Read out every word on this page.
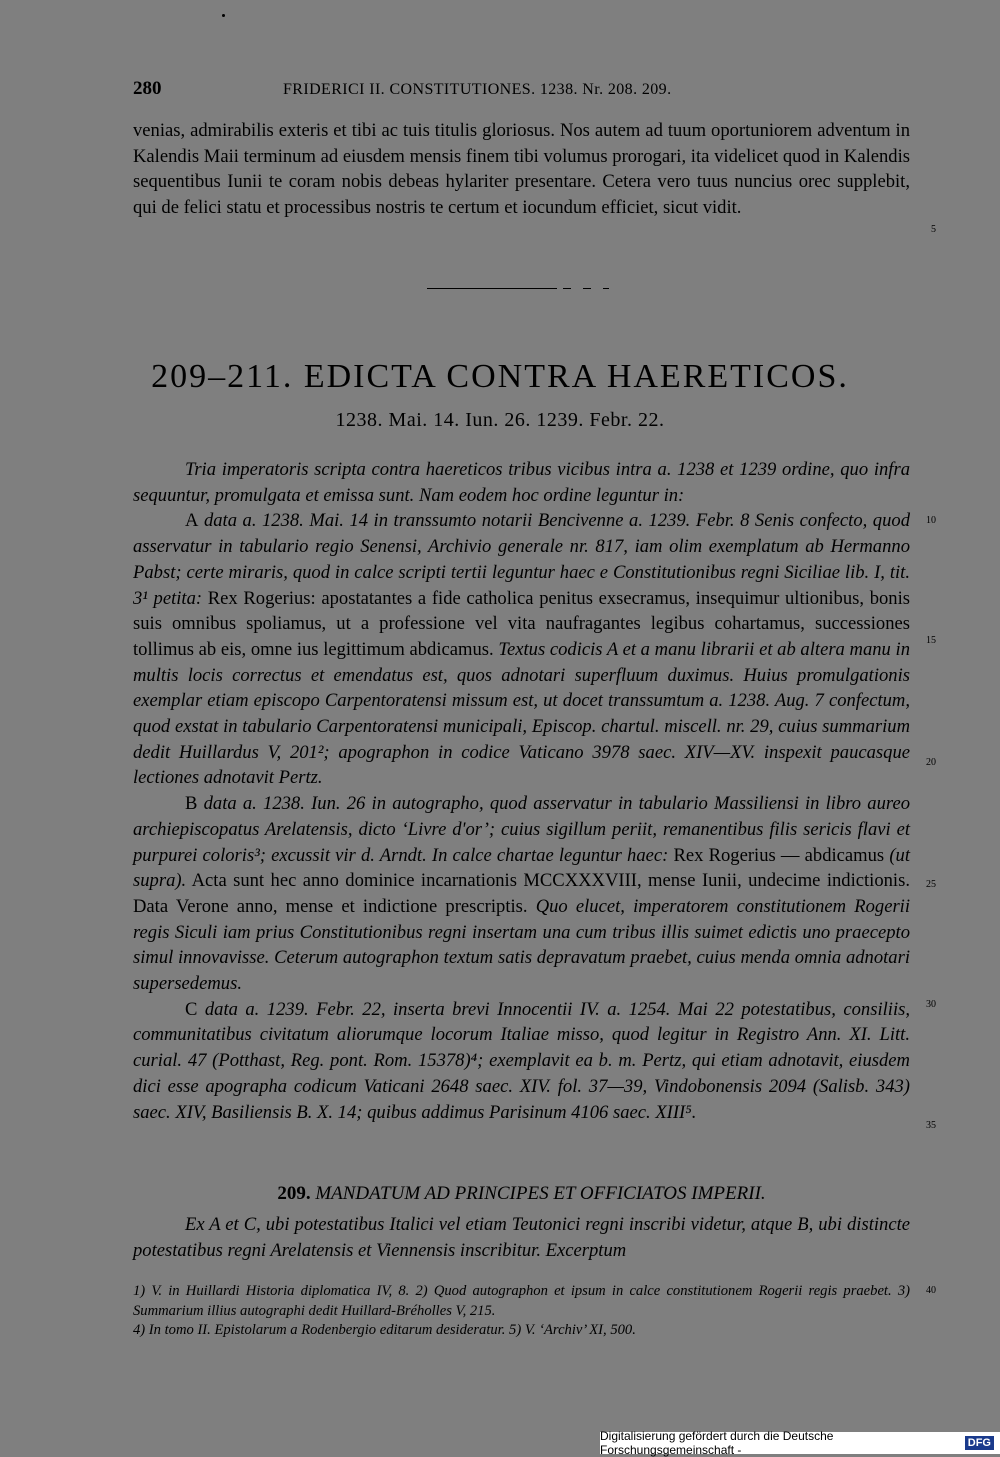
280	FRIDERICI II. CONSTITUTIONES. 1238. Nr. 208. 209.

venias, admirabilis exteris et tibi ac tuis titulis gloriosus. Nos autem ad tuum oportuniorem adventum in Kalendis Maii terminum ad eiusdem mensis finem tibi volumus prorogari, ita videlicet quod in Kalendis sequentibus Iunii te coram nobis debeas hylariter presentare. Cetera vero tuus nuncius orec supplebit, qui de felici statu et processibus nostris te certum et iocundum efficiet, sicut vidit.

209–211. EDICTA CONTRA HAERETICOS.
1238. Mai. 14. Iun. 26. 1239. Febr. 22.

Tria imperatoris scripta contra haereticos tribus vicibus intra a. 1238 et 1239 ordine, quo infra sequuntur, promulgata et emissa sunt. Nam eodem hoc ordine leguntur in:

A data a. 1238. Mai. 14 in transsumto notarii Bencivenne a. 1239. Febr. 8 Senis confecto, quod asservatur in tabulario regio Senensi, Archivio generale nr. 817, iam olim exemplatum ab Hermanno Pabst; certe miraris, quod in calce scripti tertii leguntur haec e Constitutionibus regni Siciliae lib. I, tit. 3¹ petita: Rex Rogerius: apostatantes a fide catholica penitus exsecramus, insequimur ultionibus, bonis suis omnibus spoliamus, ut a professione vel vita naufragantes legibus cohartamus, successiones tollimus ab eis, omne ius legittimum abdicamus. Textus codicis A et a manu librarii et ab altera manu in multis locis correctus et emendatus est, quos adnotari superfluum duximus. Huius promulgationis exemplar etiam episcopo Carpentoratensi missum est, ut docet transsumtum a. 1238. Aug. 7 confectum, quod exstat in tabulario Carpentoratensi municipali, Episcop. chartul. miscell. nr. 29, cuius summarium dedit Huillardus V, 201²; apographon in codice Vaticano 3978 saec. XIV—XV. inspexit paucasque lectiones adnotavit Pertz.

B data a. 1238. Iun. 26 in autographo, quod asservatur in tabulario Massiliensi in libro aureo archiepiscopatus Arelatensis, dicto ‘Livre d'or’; cuius sigillum periit, remanentibus filis sericis flavi et purpurei coloris³; excussit vir d. Arndt. In calce chartae leguntur haec: Rex Rogerius — abdicamus (ut supra). Acta sunt hec anno dominice incarnationis MCCXXXVIII, mense Iunii, undecime indictionis. Data Verone anno, mense et indictione prescriptis. Quo elucet, imperatorem constitutionem Rogerii regis Siculi iam prius Constitutionibus regni insertam una cum tribus illis suimet edictis uno praecepto simul innovavisse. Ceterum autographon textum satis depravatum praebet, cuius menda omnia adnotari supersedemus.

C data a. 1239. Febr. 22, inserta brevi Innocentii IV. a. 1254. Mai 22 potestatibus, consiliis, communitatibus civitatum aliorumque locorum Italiae misso, quod legitur in Registro Ann. XI. Litt. curial. 47 (Potthast, Reg. pont. Rom. 15378)⁴; exemplavit ea b. m. Pertz, qui etiam adnotavit, eiusdem dici esse apographa codicum Vaticani 2648 saec. XIV. fol. 37—39, Vindobonensis 2094 (Salisb. 343) saec. XIV, Basiliensis B. X. 14; quibus addimus Parisinum 4106 saec. XIII⁵.

209. MANDATUM AD PRINCIPES ET OFFICIATOS IMPERII.

Ex A et C, ubi potestatibus Italici vel etiam Teutonici regni inscribi videtur, atque B, ubi distincte potestatibus regni Arelatensis et Viennensis inscribitur. Excerptum

1) V. in Huillardi Historia diplomatica IV, 8. 2) Quod autographon et ipsum in calce constitutionem Rogerii regis praebet. 3) Summarium illius autographi dedit Huillard-Bréholles V, 215.

4) In tomo II. Epistolarum a Rodenbergio editarum desideratur. 5) V. ‘Archiv’ XI, 500.

5
10
15
20
25
30
35
40
Digitalisierung gefördert durch die Deutsche Forschungsgemeinschaft -	DFG
